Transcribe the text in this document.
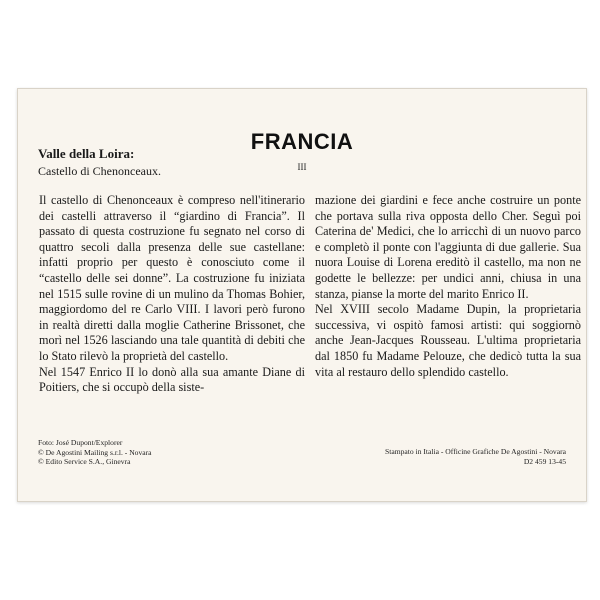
Valle della Loira:
Castello di Chenonceaux.
FRANCIA
III

Il castello di Chenonceaux è compreso nell'itinerario dei castelli attraverso il “giardino di Francia”. Il passato di questa costruzione fu segnato nel corso di quattro secoli dalla presenza delle sue castellane: infatti proprio per questo è conosciuto come il “castello delle sei donne”. La costruzione fu iniziata nel 1515 sulle rovine di un mulino da Thomas Bohier, maggiordomo del re Carlo VIII. I lavori però furono in realtà diretti dalla moglie Catherine Brissonet, che morì nel 1526 lasciando una tale quantità di debiti che lo Stato rilevò la proprietà del castello.

Nel 1547 Enrico II lo donò alla sua amante Diane di Poitiers, che si occupò della siste-

mazione dei giardini e fece anche costruire un ponte che portava sulla riva opposta dello Cher. Seguì poi Caterina de' Medici, che lo arricchì di un nuovo parco e completò il ponte con l'aggiunta di due gallerie. Sua nuora Louise di Lorena ereditò il castello, ma non ne godette le bellezze: per undici anni, chiusa in una stanza, pianse la morte del marito Enrico II.

Nel XVIII secolo Madame Dupin, la proprietaria successiva, vi ospitò famosi artisti: qui soggiornò anche Jean-Jacques Rousseau. L'ultima proprietaria dal 1850 fu Madame Pelouze, che dedicò tutta la sua vita al restauro dello splendido castello.

Foto: José Dupont/Explorer
© De Agostini Mailing s.r.l. - Novara
© Edito Service S.A., Ginevra
Stampato in Italia - Officine Grafiche De Agostini - Novara
D2 459 13-45
